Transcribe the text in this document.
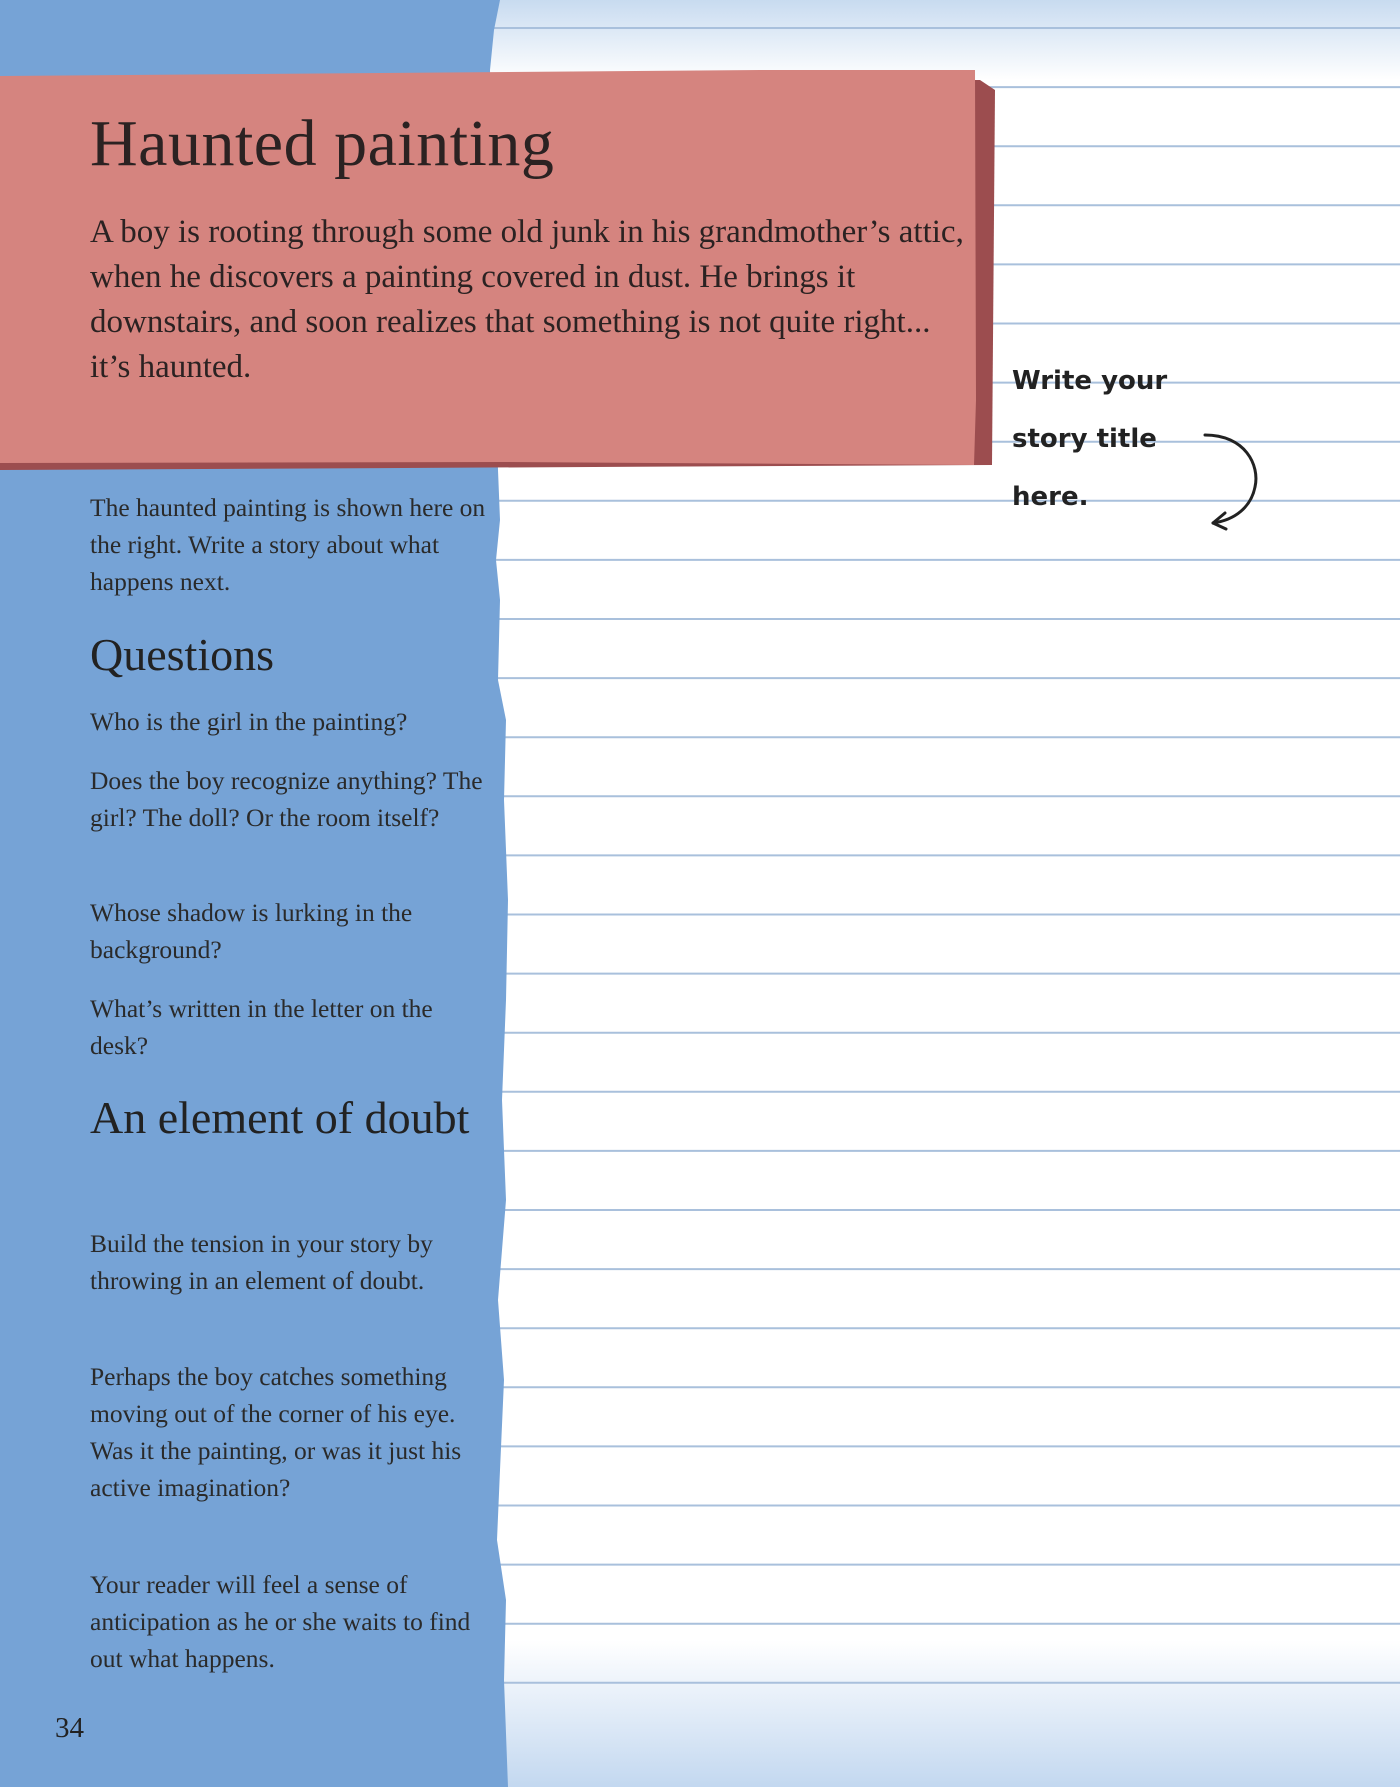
Haunted painting

A boy is rooting through some old junk in his grandmother’s attic, when he discovers a painting covered in dust. He brings it downstairs, and soon realizes that something is not quite right... it’s haunted.

The haunted painting is shown here on the right. Write a story about what happens next.

Questions

Who is the girl in the painting?

Does the boy recognize anything? The girl? The doll? Or the room itself?

Whose shadow is lurking in the background?

What’s written in the letter on the desk?

An element of doubt

Build the tension in your story by throwing in an element of doubt.

Perhaps the boy catches something moving out of the corner of his eye. Was it the painting, or was it just his active imagination?

Your reader will feel a sense of anticipation as he or she waits to find out what happens.

Write your story title here.

34
